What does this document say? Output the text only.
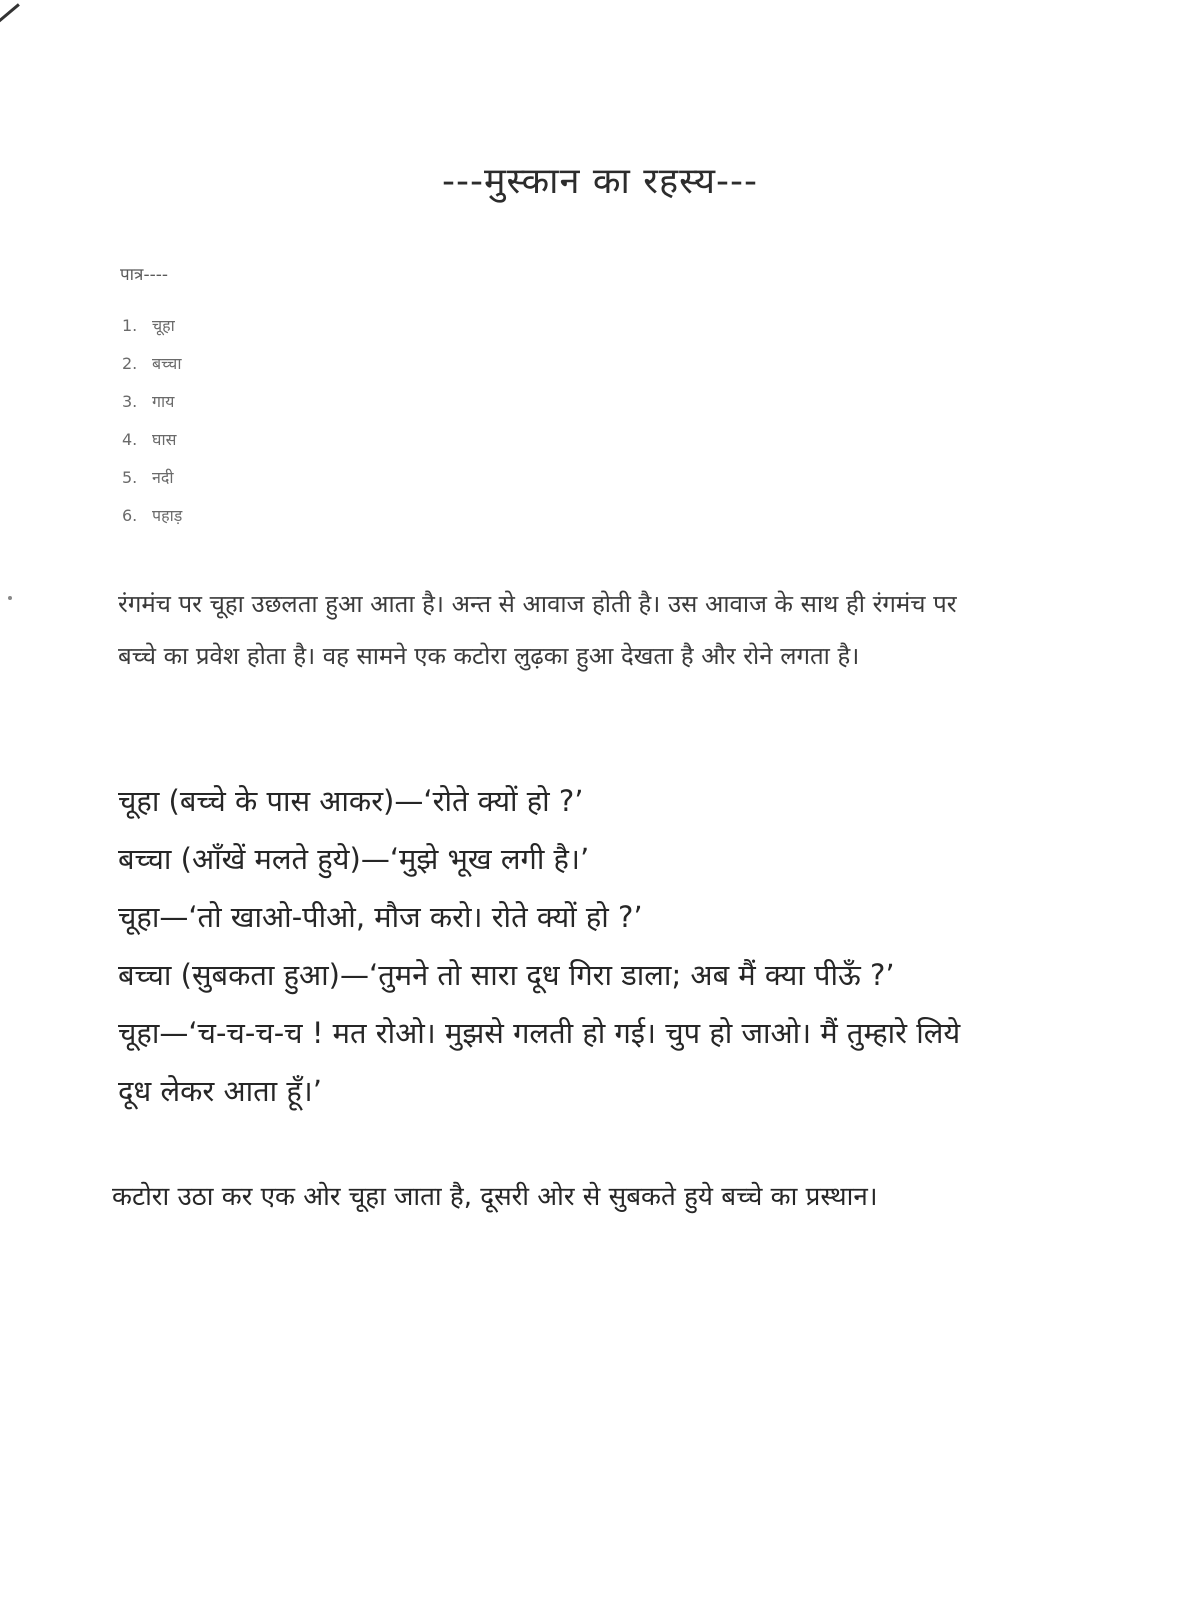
---मुस्कान का रहस्य---
पात्र----
1. चूहा
2. बच्चा
3. गाय
4. घास
5. नदी
6. पहाड़
रंगमंच पर चूहा उछलता हुआ आता है। अन्त से आवाज होती है। उस आवाज के साथ ही रंगमंच पर बच्चे का प्रवेश होता है। वह सामने एक कटोरा लुढ़का हुआ देखता है और रोने लगता है।
चूहा (बच्चे के पास आकर)—‘रोते क्यों हो ?’
बच्चा (आँखें मलते हुये)—‘मुझे भूख लगी है।’
चूहा—‘तो खाओ-पीओ, मौज करो। रोते क्यों हो ?’
बच्चा (सुबकता हुआ)—‘तुमने तो सारा दूध गिरा डाला; अब मैं क्या पीऊँ ?’
चूहा—‘च-च-च-च ! मत रोओ। मुझसे गलती हो गई। चुप हो जाओ। मैं तुम्हारे लिये दूध लेकर आता हूँ।’
कटोरा उठा कर एक ओर चूहा जाता है, दूसरी ओर से सुबकते हुये बच्चे का प्रस्थान।
